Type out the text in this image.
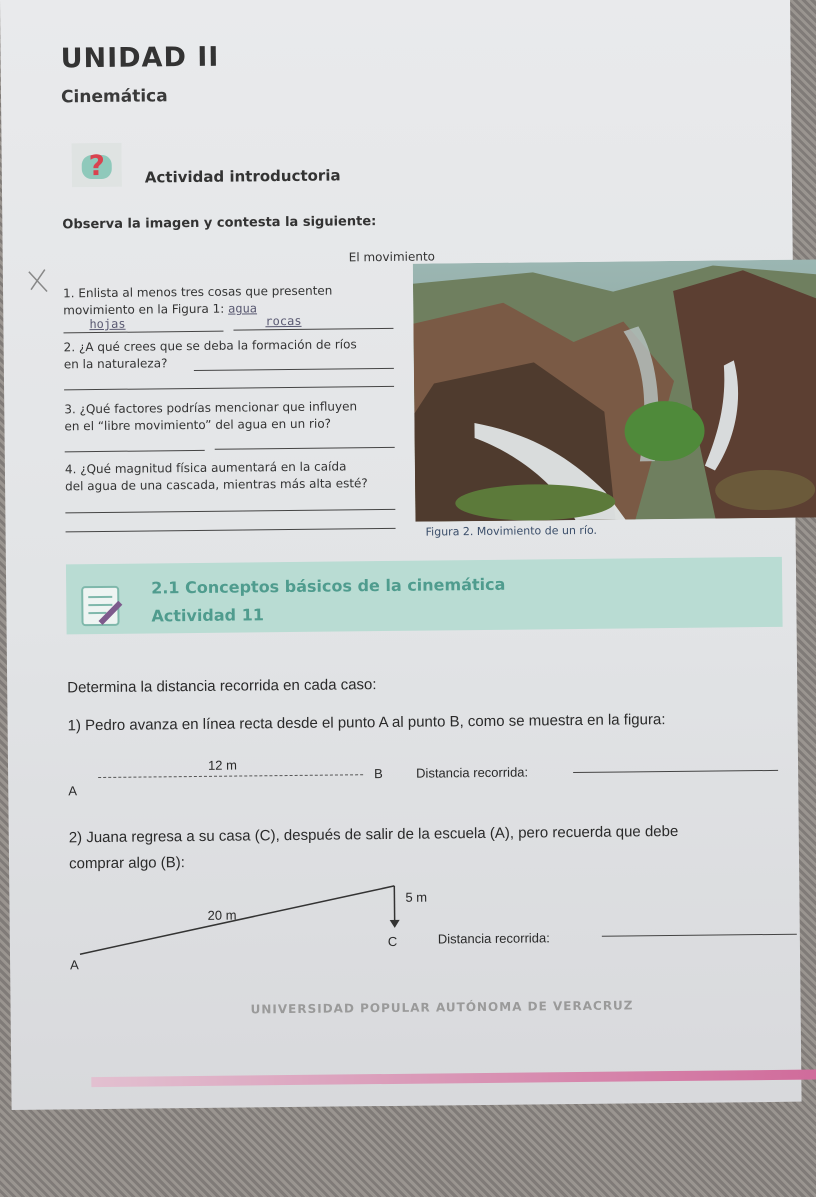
UNIDAD II
Cinemática
?	Actividad introductoria
Observa la imagen y contesta la siguiente:
El movimiento
1. Enlista al menos tres cosas que presenten
movimiento en la Figura 1: agua
hojas	rocas
2. ¿A qué crees que se deba la formación de ríos
en la naturaleza?
3. ¿Qué factores podrías mencionar que influyen
en el “libre movimiento” del agua en un rio?
4. ¿Qué magnitud física aumentará en la caída
del agua de una cascada, mientras más alta esté?
Figura 2. Movimiento de un río.
2.1 Conceptos básicos de la cinemática
Actividad 11
Determina la distancia recorrida en cada caso:
1) Pedro avanza en línea recta desde el punto A al punto B, como se muestra en la figura:
A
12 m
B	Distancia recorrida:
2) Juana regresa a su casa (C), después de salir de la escuela (A), pero recuerda que debe
comprar algo (B):
A
20 m
5 m
C	Distancia recorrida:
UNIVERSIDAD POPULAR AUTÓNOMA DE VERACRUZ
